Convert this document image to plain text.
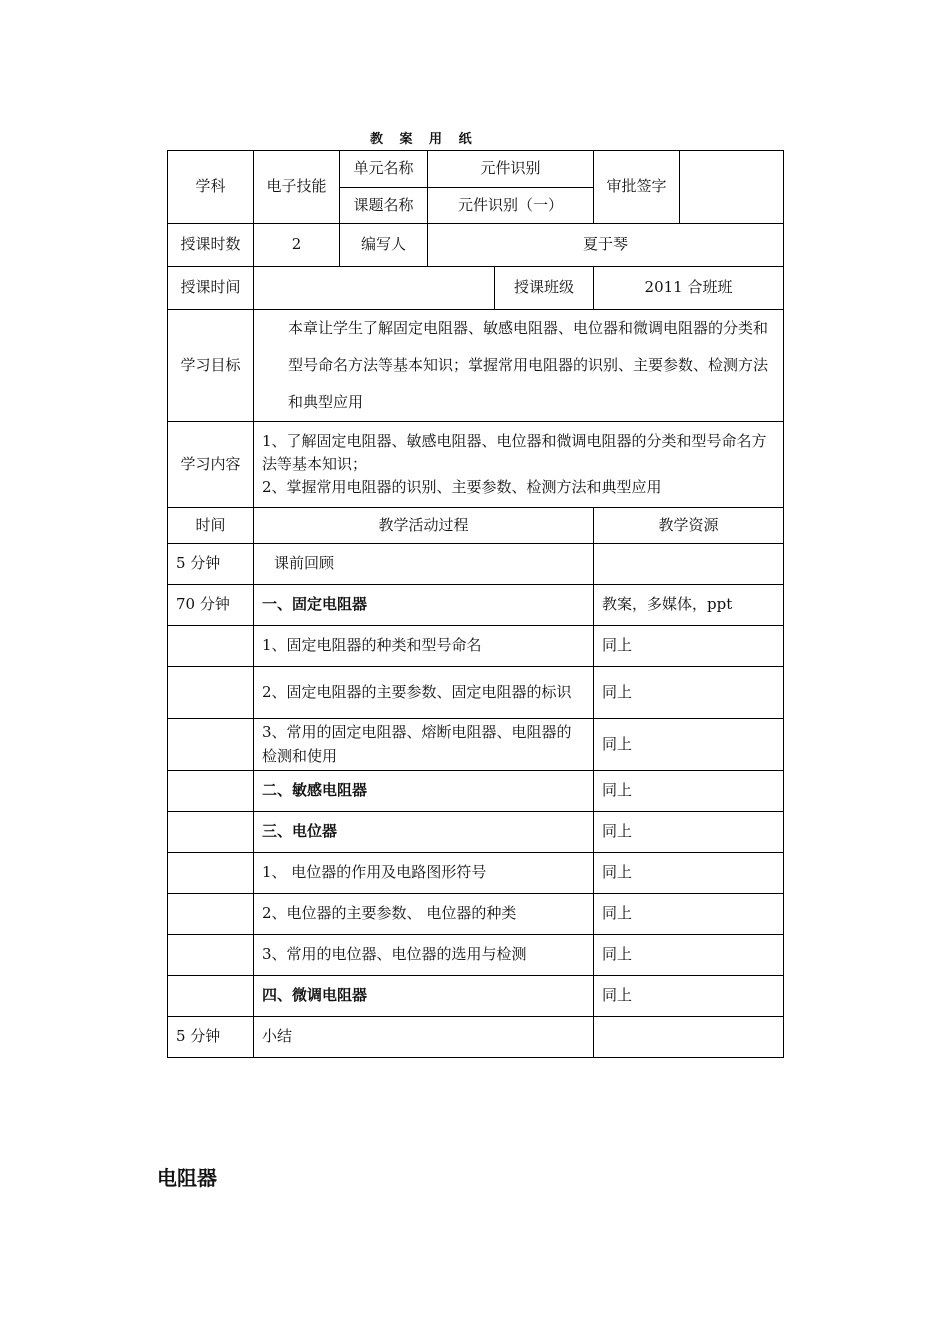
教 案 用 纸
学科	电子技能	单元名称	元件识别		审批签字	
		课题名称	元件识别（一）			
授课时数	2	编写人	夏于琴			
授课时间				授课班级	2011 合班班	
学习目标	本章让学生了解固定电阻器、敏感电阻器、电位器和微调电阻器的分类和型号命名方法等基本知识；掌握常用电阻器的识别、主要参数、检测方法和典型应用					
学习内容	1、了解固定电阻器、敏感电阻器、电位器和微调电阻器的分类和型号命名方法等基本知识；
2、掌握常用电阻器的识别、主要参数、检测方法和典型应用					

时间	教学活动过程				教学资源	
5 分钟	课前回顾					
70 分钟	一、固定电阻器				教案，多媒体，ppt	
	1、固定电阻器的种类和型号命名				同上	
	2、固定电阻器的主要参数、固定电阻器的标识				同上	
	3、常用的固定电阻器、熔断电阻器、电阻器的检测和使用				同上	
	二、敏感电阻器				同上	
	三、电位器				同上	
	1、 电位器的作用及电路图形符号				同上	
	2、电位器的主要参数、 电位器的种类				同上	
	3、常用的电位器、电位器的选用与检测				同上	
	四、微调电阻器				同上	
5 分钟	小结					
电阻器
